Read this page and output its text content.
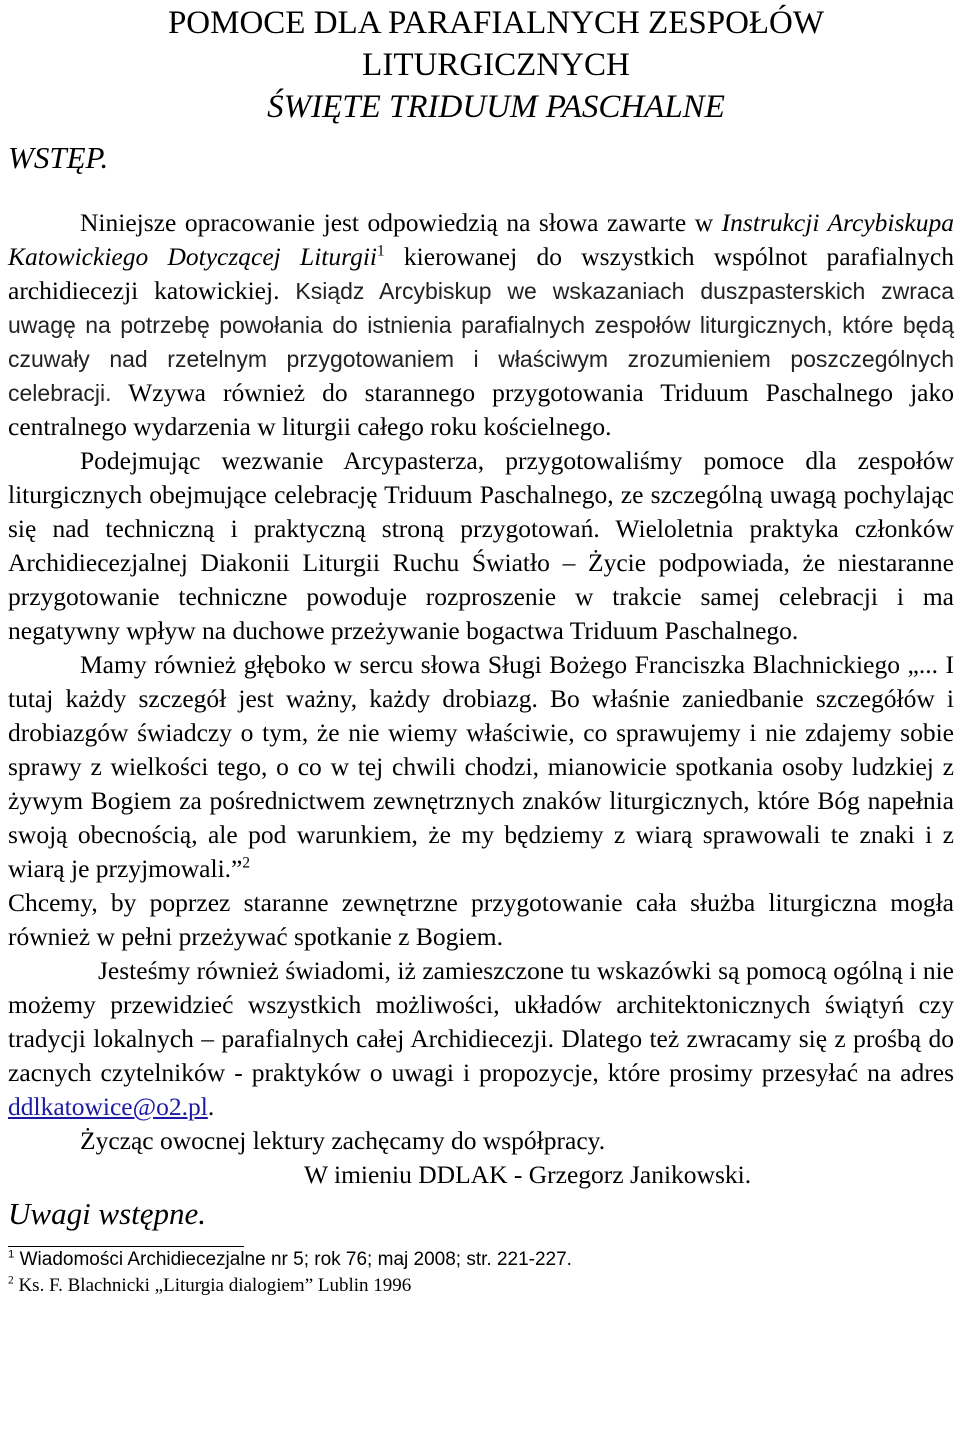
POMOCE DLA PARAFIALNYCH ZESPOŁÓW
LITURGICZNYCH
ŚWIĘTE TRIDUUM PASCHALNE
WSTĘP.

Niniejsze opracowanie jest odpowiedzią na słowa zawarte w Instrukcji Arcybiskupa Katowickiego Dotyczącej Liturgii$^1$ kierowanej do wszystkich wspólnot parafialnych archidiecezji katowickiej. Ksiądz Arcybiskup we wskazaniach duszpasterskich zwraca uwagę na potrzebę powołania do istnienia parafialnych zespołów liturgicznych, które będą czuwały nad rzetelnym przygotowaniem i właściwym zrozumieniem poszczególnych celebracji. Wzywa również do starannego przygotowania Triduum Paschalnego jako centralnego wydarzenia w liturgii całego roku kościelnego.

Podejmując wezwanie Arcypasterza, przygotowaliśmy pomoce dla zespołów liturgicznych obejmujące celebrację Triduum Paschalnego, ze szczególną uwagą pochylając się nad techniczną i praktyczną stroną przygotowań. Wieloletnia praktyka członków Archidiecezjalnej Diakonii Liturgii Ruchu Światło – Życie podpowiada, że niestaranne przygotowanie techniczne powoduje rozproszenie w trakcie samej celebracji i ma negatywny wpływ na duchowe przeżywanie bogactwa Triduum Paschalnego.

Mamy również głęboko w sercu słowa Sługi Bożego Franciszka Blachnickiego „... I tutaj każdy szczegół jest ważny, każdy drobiazg. Bo właśnie zaniedbanie szczegółów i drobiazgów świadczy o tym, że nie wiemy właściwie, co sprawujemy i nie zdajemy sobie sprawy z wielkości tego, o co w tej chwili chodzi, mianowicie spotkania osoby ludzkiej z żywym Bogiem za pośrednictwem zewnętrznych znaków liturgicznych, które Bóg napełnia swoją obecnością, ale pod warunkiem, że my będziemy z wiarą sprawowali te znaki i z wiarą je przyjmowali.”$^2$

Chcemy, by poprzez staranne zewnętrzne przygotowanie cała służba liturgiczna mogła również w pełni przeżywać spotkanie z Bogiem.

Jesteśmy również świadomi, iż zamieszczone tu wskazówki są pomocą ogólną i nie możemy przewidzieć wszystkich możliwości, układów architektonicznych świątyń czy tradycji lokalnych – parafialnych całej Archidiecezji. Dlatego też zwracamy się z prośbą do zacnych czytelników - praktyków o uwagi i propozycje, które prosimy przesyłać na adres ddlkatowice@o2.pl.

Życząc owocnej lektury zachęcamy do współpracy.

W imieniu DDLAK - Grzegorz Janikowski.

Uwagi wstępne.
$^1$ Wiadomości Archidiecezjalne nr 5; rok 76; maj 2008; str. 221-227.
$^2$ Ks. F. Blachnicki „Liturgia dialogiem” Lublin 1996
